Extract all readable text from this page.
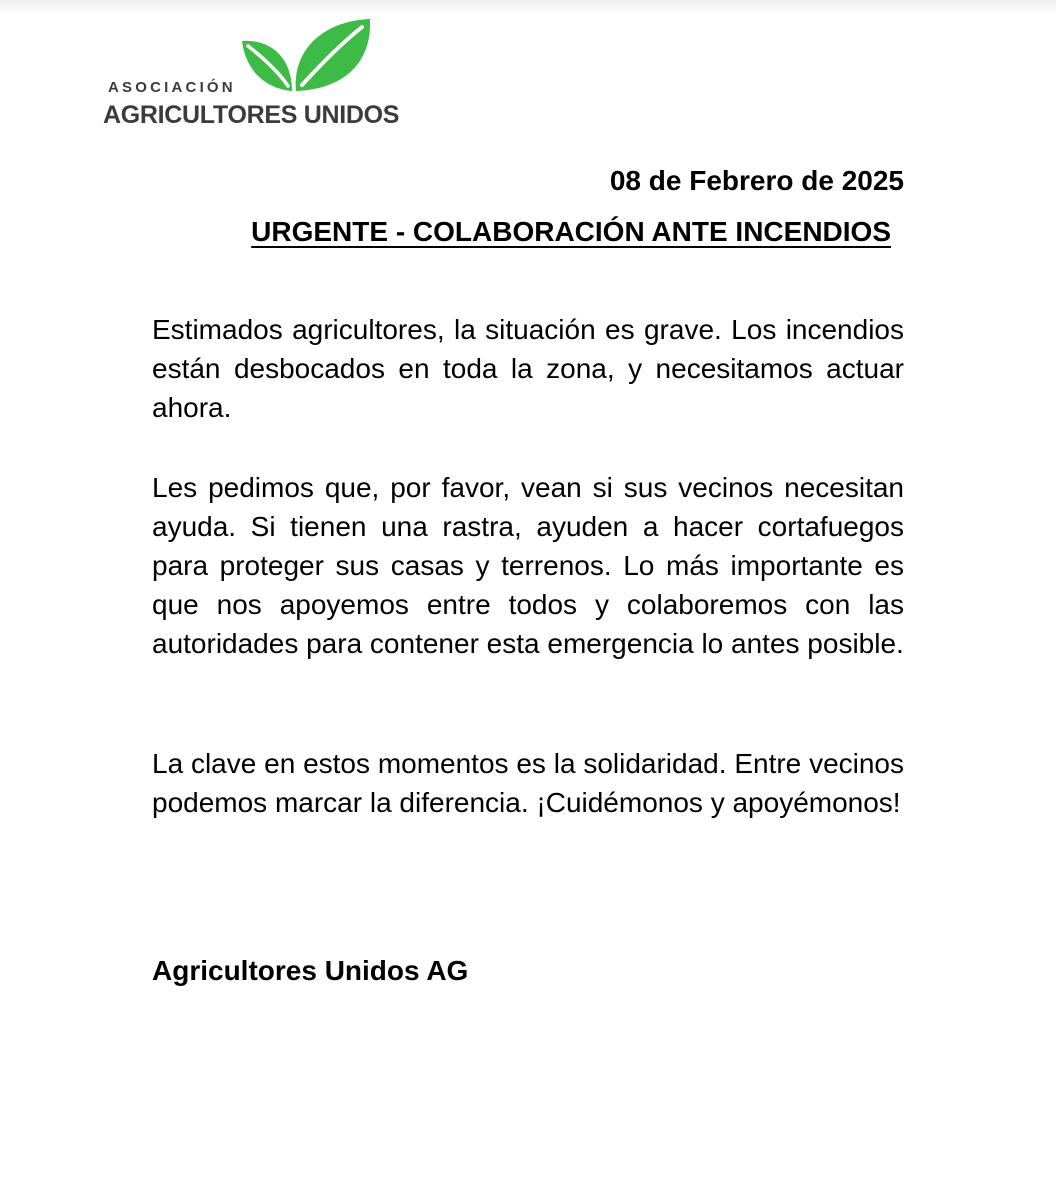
ASOCIACIÓN
AGRICULTORES UNIDOS
08 de Febrero de 2025
URGENTE - COLABORACIÓN ANTE INCENDIOS

Estimados agricultores, la situación es grave. Los incendios están desbocados en toda la zona, y necesitamos actuar ahora.

Les pedimos que, por favor, vean si sus vecinos necesitan ayuda. Si tienen una rastra, ayuden a hacer cortafuegos para proteger sus casas y terrenos. Lo más importante es que nos apoyemos entre todos y colaboremos con las autoridades para contener esta emergencia lo antes posible.

La clave en estos momentos es la solidaridad. Entre vecinos podemos marcar la diferencia. ¡Cuidémonos y apoyémonos!

Agricultores Unidos AG
